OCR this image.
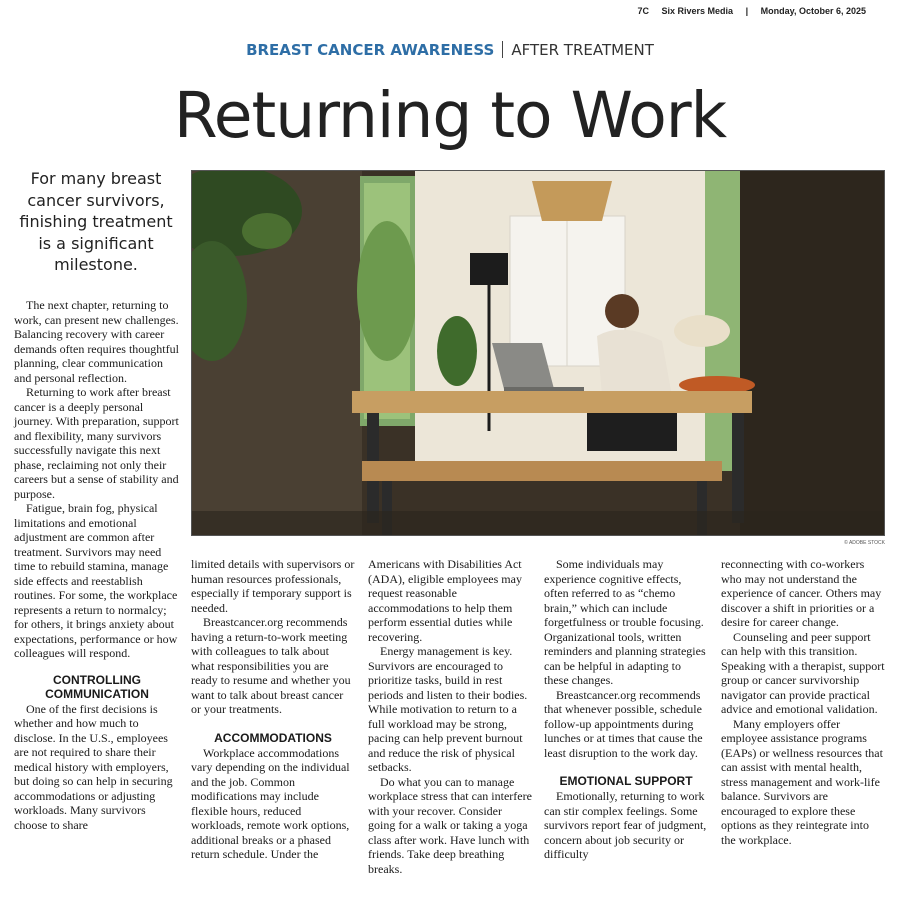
7C Six Rivers Media | Monday, October 6, 2025
BREAST CANCER AWARENESS AFTER TREATMENT
Returning to Work
For many breast cancer survivors, finishing treatment is a significant milestone.
© ADOBE STOCK

The next chapter, returning to work, can present new challenges. Balancing recovery with career demands often requires thoughtful planning, clear communication and personal reflection.

Returning to work after breast cancer is a deeply personal journey. With preparation, support and flexibility, many survivors successfully navigate this next phase, reclaiming not only their careers but a sense of stability and purpose.

Fatigue, brain fog, physical limitations and emotional adjustment are common after treatment. Survivors may need time to rebuild stamina, manage side effects and reestablish routines. For some, the workplace represents a return to normalcy; for others, it brings anxiety about expectations, performance or how colleagues will respond.

CONTROLLING COMMUNICATION

One of the first decisions is whether and how much to disclose. In the U.S., employees are not required to share their medical history with employers, but doing so can help in securing accommodations or adjusting workloads. Many survivors choose to share

limited details with supervisors or human resources professionals, especially if temporary support is needed.

Breastcancer.org recommends having a return-to-work meeting with colleagues to talk about what responsibilities you are ready to resume and whether you want to talk about breast cancer or your treatments.

ACCOMMODATIONS

Workplace accommodations vary depending on the individual and the job. Common modifications may include flexible hours, reduced workloads, remote work options, additional breaks or a phased return schedule. Under the

Americans with Disabilities Act (ADA), eligible employees may request reasonable accommodations to help them perform essential duties while recovering.

Energy management is key. Survivors are encouraged to prioritize tasks, build in rest periods and listen to their bodies. While motivation to return to a full workload may be strong, pacing can help prevent burnout and reduce the risk of physical setbacks.

Do what you can to manage workplace stress that can interfere with your recover. Consider going for a walk or taking a yoga class after work. Have lunch with friends. Take deep breathing breaks.

Some individuals may experience cognitive effects, often referred to as “chemo brain,” which can include forgetfulness or trouble focusing. Organizational tools, written reminders and planning strategies can be helpful in adapting to these changes.

Breastcancer.org recommends that whenever possible, schedule follow-up appointments during lunches or at times that cause the least disruption to the work day.

EMOTIONAL SUPPORT

Emotionally, returning to work can stir complex feelings. Some survivors report fear of judgment, concern about job security or difficulty

reconnecting with co-workers who may not understand the experience of cancer. Others may discover a shift in priorities or a desire for career change.

Counseling and peer support can help with this transition. Speaking with a therapist, support group or cancer survivorship navigator can provide practical advice and emotional validation.

Many employers offer employee assistance programs (EAPs) or wellness resources that can assist with mental health, stress management and work-life balance. Survivors are encouraged to explore these options as they reintegrate into the workplace.
